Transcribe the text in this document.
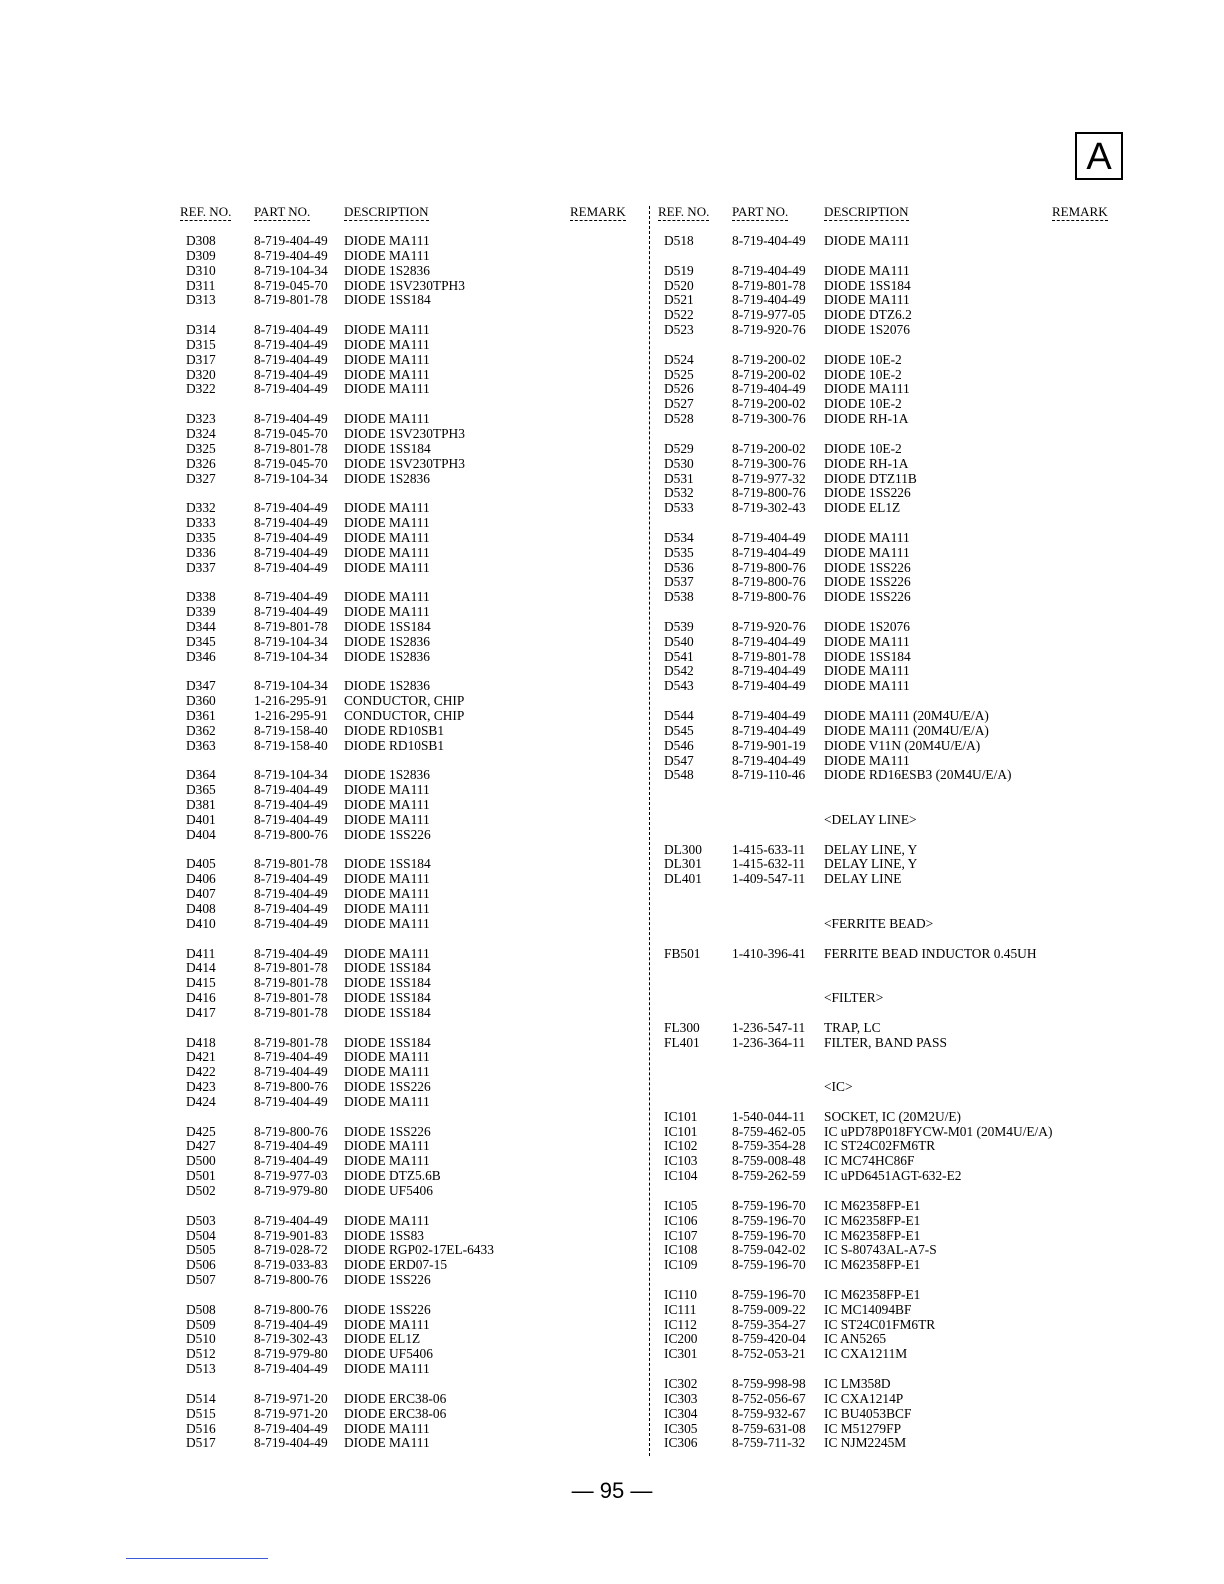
A
REF. NO. PART NO.	DESCRIPTION	REMARK
D308	8-719-404-49 DIODE MA111
D309	8-719-404-49 DIODE MA111
D310	8-719-104-34 DIODE 1S2836
D311	8-719-045-70 DIODE 1SV230TPH3
D313	8-719-801-78 DIODE 1SS184
D314	8-719-404-49 DIODE MA111
D315	8-719-404-49 DIODE MA111
D317	8-719-404-49 DIODE MA111
D320	8-719-404-49 DIODE MA111
D322	8-719-404-49 DIODE MA111
D323	8-719-404-49 DIODE MA111
D324	8-719-045-70 DIODE 1SV230TPH3
D325	8-719-801-78 DIODE 1SS184
D326	8-719-045-70 DIODE 1SV230TPH3
D327	8-719-104-34 DIODE 1S2836
D332	8-719-404-49 DIODE MA111
D333	8-719-404-49 DIODE MA111
D335	8-719-404-49 DIODE MA111
D336	8-719-404-49 DIODE MA111
D337	8-719-404-49 DIODE MA111
D338	8-719-404-49 DIODE MA111
D339	8-719-404-49 DIODE MA111
D344	8-719-801-78 DIODE 1SS184
D345	8-719-104-34 DIODE 1S2836
D346	8-719-104-34 DIODE 1S2836
D347	8-719-104-34 DIODE 1S2836
D360	1-216-295-91 CONDUCTOR, CHIP
D361	1-216-295-91 CONDUCTOR, CHIP
D362	8-719-158-40 DIODE RD10SB1
D363	8-719-158-40 DIODE RD10SB1
D364	8-719-104-34 DIODE 1S2836
D365	8-719-404-49 DIODE MA111
D381	8-719-404-49 DIODE MA111
D401	8-719-404-49 DIODE MA111
D404	8-719-800-76 DIODE 1SS226
D405	8-719-801-78 DIODE 1SS184
D406	8-719-404-49 DIODE MA111
D407	8-719-404-49 DIODE MA111
D408	8-719-404-49 DIODE MA111
D410	8-719-404-49 DIODE MA111
D411	8-719-404-49 DIODE MA111
D414	8-719-801-78 DIODE 1SS184
D415	8-719-801-78 DIODE 1SS184
D416	8-719-801-78 DIODE 1SS184
D417	8-719-801-78 DIODE 1SS184
D418	8-719-801-78 DIODE 1SS184
D421	8-719-404-49 DIODE MA111
D422	8-719-404-49 DIODE MA111
D423	8-719-800-76 DIODE 1SS226
D424	8-719-404-49 DIODE MA111
D425	8-719-800-76 DIODE 1SS226
D427	8-719-404-49 DIODE MA111
D500	8-719-404-49 DIODE MA111
D501	8-719-977-03 DIODE DTZ5.6B
D502	8-719-979-80 DIODE UF5406
D503	8-719-404-49 DIODE MA111
D504	8-719-901-83 DIODE 1SS83
D505	8-719-028-72 DIODE RGP02-17EL-6433
D506	8-719-033-83 DIODE ERD07-15
D507	8-719-800-76 DIODE 1SS226
D508	8-719-800-76 DIODE 1SS226
D509	8-719-404-49 DIODE MA111
D510	8-719-302-43 DIODE EL1Z
D512	8-719-979-80 DIODE UF5406
D513	8-719-404-49 DIODE MA111
D514	8-719-971-20 DIODE ERC38-06
D515	8-719-971-20 DIODE ERC38-06
D516	8-719-404-49 DIODE MA111
D517	8-719-404-49 DIODE MA111
REF. NO. PART NO.	DESCRIPTION	REMARK
D518	8-719-404-49 DIODE MA111
D519	8-719-404-49 DIODE MA111
D520	8-719-801-78 DIODE 1SS184
D521	8-719-404-49 DIODE MA111
D522	8-719-977-05 DIODE DTZ6.2
D523	8-719-920-76 DIODE 1S2076
D524	8-719-200-02 DIODE 10E-2
D525	8-719-200-02 DIODE 10E-2
D526	8-719-404-49 DIODE MA111
D527	8-719-200-02 DIODE 10E-2
D528	8-719-300-76 DIODE RH-1A
D529	8-719-200-02 DIODE 10E-2
D530	8-719-300-76 DIODE RH-1A
D531	8-719-977-32 DIODE DTZ11B
D532	8-719-800-76 DIODE 1SS226
D533	8-719-302-43 DIODE EL1Z
D534	8-719-404-49 DIODE MA111
D535	8-719-404-49 DIODE MA111
D536	8-719-800-76 DIODE 1SS226
D537	8-719-800-76 DIODE 1SS226
D538	8-719-800-76 DIODE 1SS226
D539	8-719-920-76 DIODE 1S2076
D540	8-719-404-49 DIODE MA111
D541	8-719-801-78 DIODE 1SS184
D542	8-719-404-49 DIODE MA111
D543	8-719-404-49 DIODE MA111
D544	8-719-404-49 DIODE MA111 (20M4U/E/A)
D545	8-719-404-49 DIODE MA111 (20M4U/E/A)
D546	8-719-901-19 DIODE V11N (20M4U/E/A)
D547	8-719-404-49 DIODE MA111
D548	8-719-110-46 DIODE RD16ESB3 (20M4U/E/A)
<DELAY LINE>
DL300 1-415-633-11 DELAY LINE, Y
DL301 1-415-632-11 DELAY LINE, Y
DL401 1-409-547-11 DELAY LINE
<FERRITE BEAD>
FB501 1-410-396-41 FERRITE BEAD INDUCTOR 0.45UH
<FILTER>
FL300 1-236-547-11 TRAP, LC
FL401 1-236-364-11 FILTER, BAND PASS
<IC>
IC101	1-540-044-11 SOCKET, IC (20M2U/E)
IC101	8-759-462-05 IC uPD78P018FYCW-M01 (20M4U/E/A)
IC102	8-759-354-28 IC ST24C02FM6TR
IC103	8-759-008-48 IC MC74HC86F
IC104	8-759-262-59 IC uPD6451AGT-632-E2
IC105	8-759-196-70 IC M62358FP-E1
IC106	8-759-196-70 IC M62358FP-E1
IC107	8-759-196-70 IC M62358FP-E1
IC108	8-759-042-02 IC S-80743AL-A7-S
IC109	8-759-196-70 IC M62358FP-E1
IC110	8-759-196-70 IC M62358FP-E1
IC111	8-759-009-22 IC MC14094BF
IC112	8-759-354-27 IC ST24C01FM6TR
IC200	8-759-420-04 IC AN5265
IC301	8-752-053-21 IC CXA1211M
IC302	8-759-998-98 IC LM358D
IC303	8-752-056-67 IC CXA1214P
IC304	8-759-932-67 IC BU4053BCF
IC305	8-759-631-08 IC M51279FP
IC306	8-759-711-32 IC NJM2245M
— 95 —
